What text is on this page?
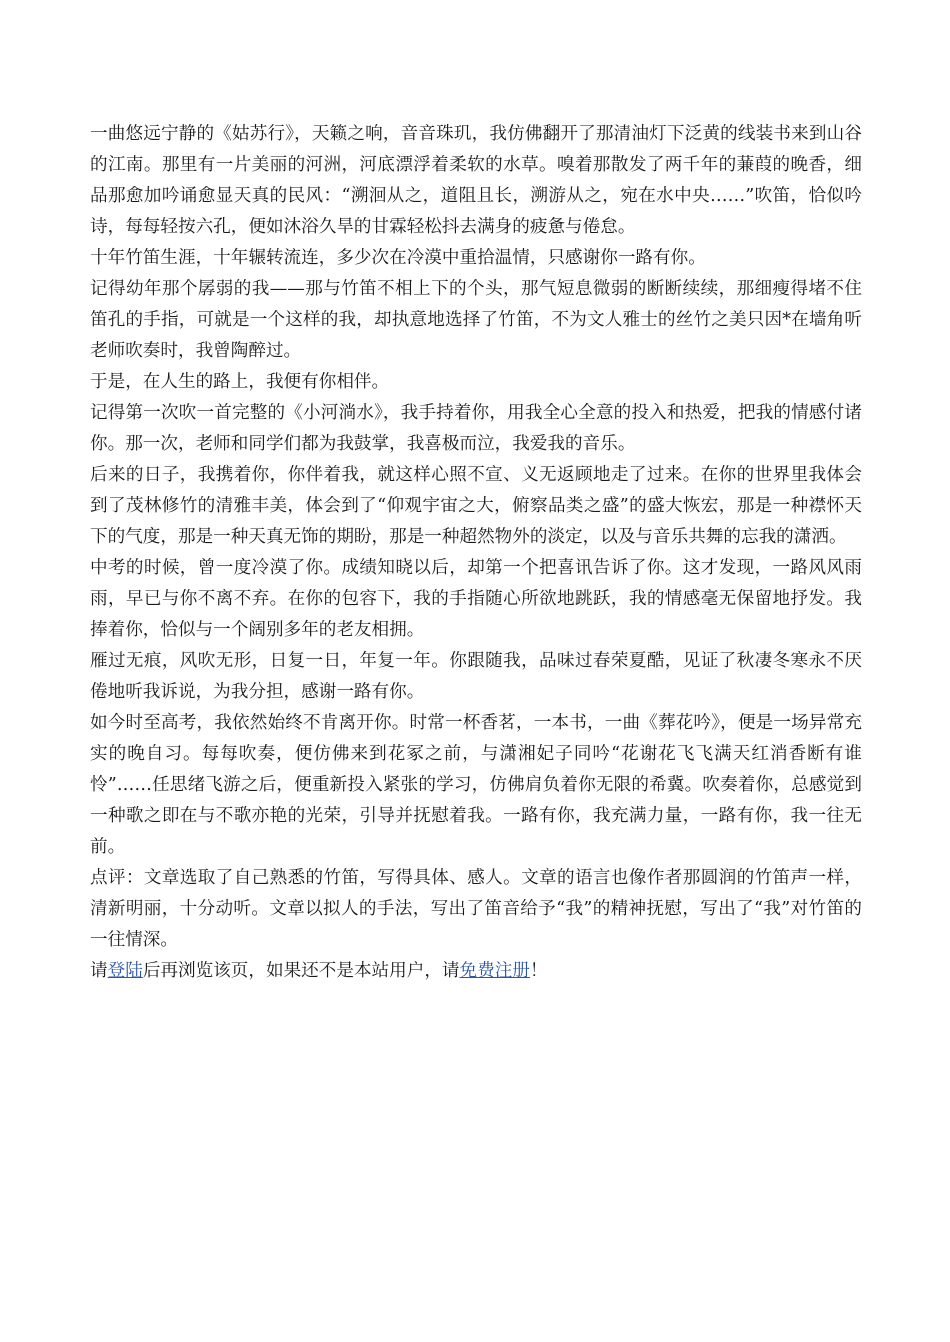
一曲悠远宁静的《姑苏行》，天籁之响，音音珠玑，我仿佛翻开了那清油灯下泛黄的线装书来到山谷的江南。那里有一片美丽的河洲，河底漂浮着柔软的水草。嗅着那散发了两千年的蒹葭的晚香，细品那愈加吟诵愈显天真的民风：“溯洄从之，道阻且长，溯游从之，宛在水中央……”吹笛，恰似吟诗，每每轻按六孔，便如沐浴久旱的甘霖轻松抖去满身的疲惫与倦怠。

十年竹笛生涯，十年辗转流连，多少次在冷漠中重拾温情，只感谢你一路有你。

记得幼年那个孱弱的我——那与竹笛不相上下的个头，那气短息微弱的断断续续，那细瘦得堵不住笛孔的手指，可就是一个这样的我，却执意地选择了竹笛，不为文人雅士的丝竹之美只因*在墙角听老师吹奏时，我曾陶醉过。

于是，在人生的路上，我便有你相伴。

记得第一次吹一首完整的《小河淌水》，我手持着你，用我全心全意的投入和热爱，把我的情感付诸你。那一次，老师和同学们都为我鼓掌，我喜极而泣，我爱我的音乐。

后来的日子，我携着你，你伴着我，就这样心照不宣、义无返顾地走了过来。在你的世界里我体会到了茂林修竹的清雅丰美，体会到了“仰观宇宙之大，俯察品类之盛”的盛大恢宏，那是一种襟怀天下的气度，那是一种天真无饰的期盼，那是一种超然物外的淡定，以及与音乐共舞的忘我的潇洒。

中考的时候，曾一度冷漠了你。成绩知晓以后，却第一个把喜讯告诉了你。这才发现，一路风风雨雨，早已与你不离不弃。在你的包容下，我的手指随心所欲地跳跃，我的情感毫无保留地抒发。我捧着你，恰似与一个阔别多年的老友相拥。

雁过无痕，风吹无形，日复一日，年复一年。你跟随我，品味过春荣夏酷，见证了秋凄冬寒永不厌倦地听我诉说，为我分担，感谢一路有你。

如今时至高考，我依然始终不肯离开你。时常一杯香茗，一本书，一曲《葬花吟》，便是一场异常充实的晚自习。每每吹奏，便仿佛来到花冢之前，与潇湘妃子同吟“花谢花飞飞满天红消香断有谁怜”……任思绪飞游之后，便重新投入紧张的学习，仿佛肩负着你无限的希冀。吹奏着你，总感觉到一种歌之即在与不歌亦艳的光荣，引导并抚慰着我。一路有你，我充满力量，一路有你，我一往无前。

点评：文章选取了自己熟悉的竹笛，写得具体、感人。文章的语言也像作者那圆润的竹笛声一样，清新明丽，十分动听。文章以拟人的手法，写出了笛音给予“我”的精神抚慰，写出了“我”对竹笛的一往情深。

请登陆后再浏览该页，如果还不是本站用户，请免费注册！
